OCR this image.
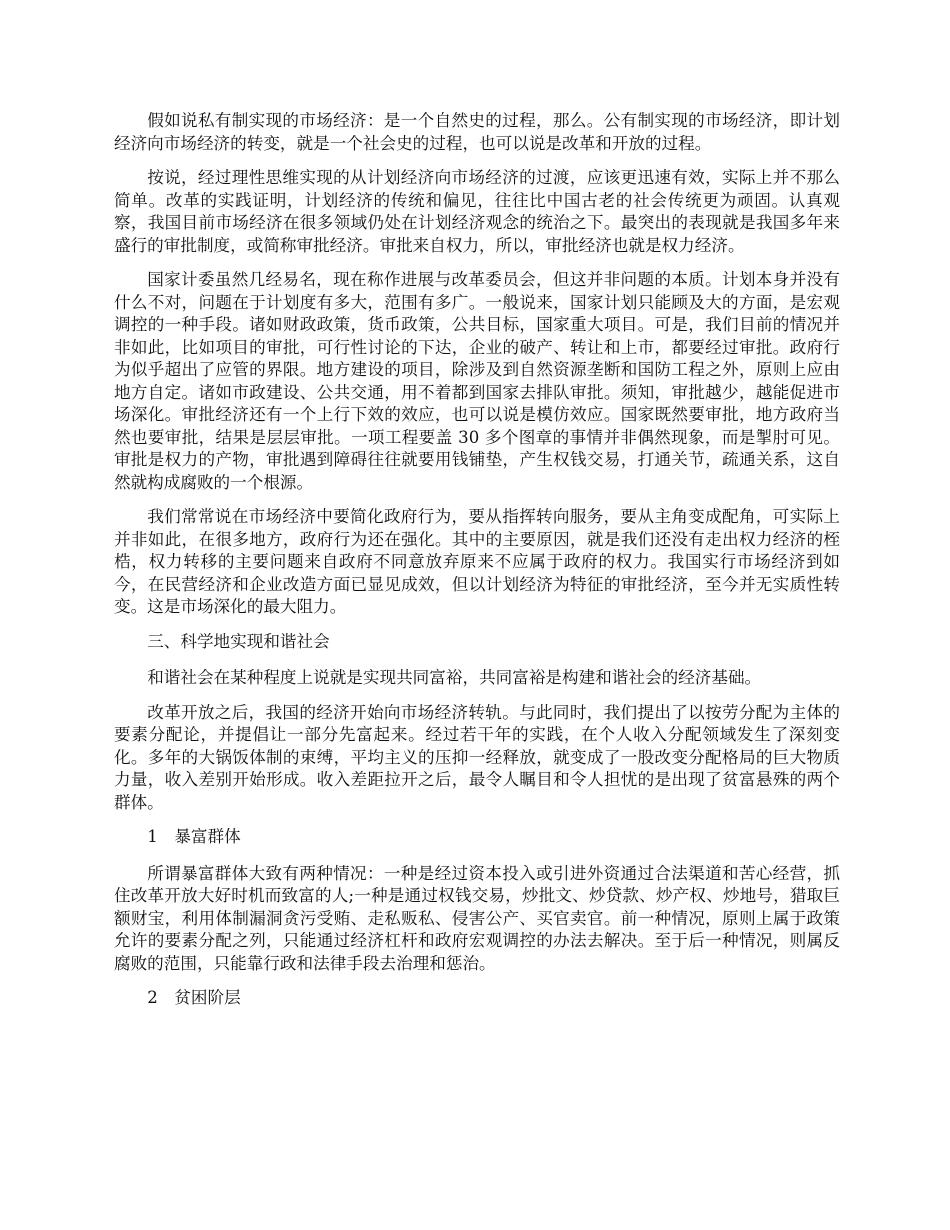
假如说私有制实现的市场经济：是一个自然史的过程，那么。公有制实现的市场经济，即计划经济向市场经济的转变，就是一个社会史的过程，也可以说是改革和开放的过程。

按说，经过理性思维实现的从计划经济向市场经济的过渡，应该更迅速有效，实际上并不那么简单。改革的实践证明，计划经济的传统和偏见，往往比中国古老的社会传统更为顽固。认真观察，我国目前市场经济在很多领域仍处在计划经济观念的统治之下。最突出的表现就是我国多年来盛行的审批制度，或简称审批经济。审批来自权力，所以，审批经济也就是权力经济。

国家计委虽然几经易名，现在称作进展与改革委员会，但这并非问题的本质。计划本身并没有什么不对，问题在于计划度有多大，范围有多广。一般说来，国家计划只能顾及大的方面，是宏观调控的一种手段。诸如财政政策，货币政策，公共目标，国家重大项目。可是，我们目前的情况并非如此，比如项目的审批，可行性讨论的下达，企业的破产、转让和上市，都要经过审批。政府行为似乎超出了应管的界限。地方建设的项目，除涉及到自然资源垄断和国防工程之外，原则上应由地方自定。诸如市政建设、公共交通，用不着都到国家去排队审批。须知，审批越少，越能促进市场深化。审批经济还有一个上行下效的效应，也可以说是模仿效应。国家既然要审批，地方政府当然也要审批，结果是层层审批。一项工程要盖 30 多个图章的事情并非偶然现象，而是掣肘可见。审批是权力的产物，审批遇到障碍往往就要用钱铺垫，产生权钱交易，打通关节，疏通关系，这自然就构成腐败的一个根源。

我们常常说在市场经济中要简化政府行为，要从指挥转向服务，要从主角变成配角，可实际上并非如此，在很多地方，政府行为还在强化。其中的主要原因，就是我们还没有走出权力经济的桎梏，权力转移的主要问题来自政府不同意放弃原来不应属于政府的权力。我国实行市场经济到如今，在民营经济和企业改造方面已显见成效，但以计划经济为特征的审批经济，至今并无实质性转变。这是市场深化的最大阻力。

三、科学地实现和谐社会

和谐社会在某种程度上说就是实现共同富裕，共同富裕是构建和谐社会的经济基础。

改革开放之后，我国的经济开始向市场经济转轨。与此同时，我们提出了以按劳分配为主体的要素分配论，并提倡让一部分先富起来。经过若干年的实践，在个人收入分配领域发生了深刻变化。多年的大锅饭体制的束缚，平均主义的压抑一经释放，就变成了一股改变分配格局的巨大物质力量，收入差别开始形成。收入差距拉开之后，最令人瞩目和令人担忧的是出现了贫富悬殊的两个群体。

1　暴富群体

所谓暴富群体大致有两种情况：一种是经过资本投入或引进外资通过合法渠道和苦心经营，抓住改革开放大好时机而致富的人;一种是通过权钱交易，炒批文、炒贷款、炒产权、炒地号，猎取巨额财宝，利用体制漏洞贪污受贿、走私贩私、侵害公产、买官卖官。前一种情况，原则上属于政策允许的要素分配之列，只能通过经济杠杆和政府宏观调控的办法去解决。至于后一种情况，则属反腐败的范围，只能靠行政和法律手段去治理和惩治。

2　贫困阶层
